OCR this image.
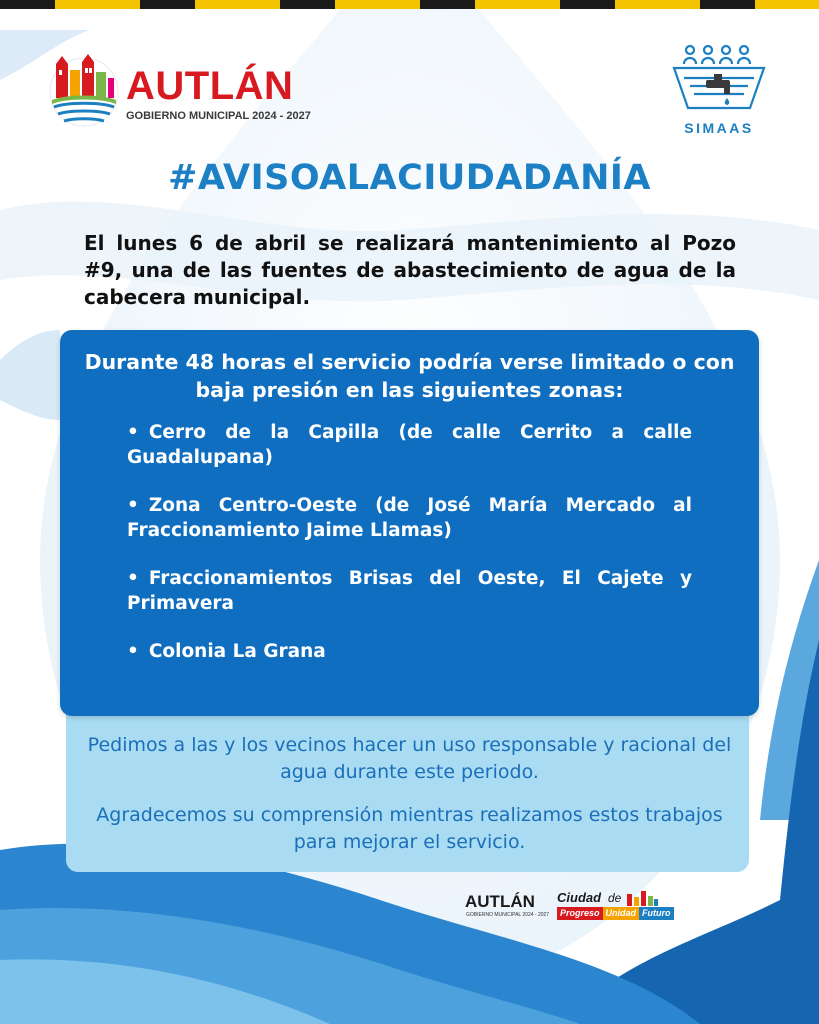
AUTLÁN
GOBIERNO MUNICIPAL 2024 - 2027
SIMAAS
#AVISOALACIUDADANÍA

El lunes 6 de abril se realizará mantenimiento al Pozo #9, una de las fuentes de abastecimiento de agua de la cabecera municipal.

Durante 48 horas el servicio podría verse limitado o con baja presión en las siguientes zonas:
• Cerro de la Capilla (de calle Cerrito a calle Guadalupana)
• Zona Centro-Oeste (de José María Mercado al Fraccionamiento Jaime Llamas)
• Fraccionamientos Brisas del Oeste, El Cajete y Primavera
• Colonia La Grana

Pedimos a las y los vecinos hacer un uso responsable y racional del agua durante este periodo.

Agradecemos su comprensión mientras realizamos estos trabajos para mejorar el servicio.

AUTLÁN
GOBIERNO MUNICIPAL 2024 - 2027
Ciudad de
Progreso Unidad Futuro
